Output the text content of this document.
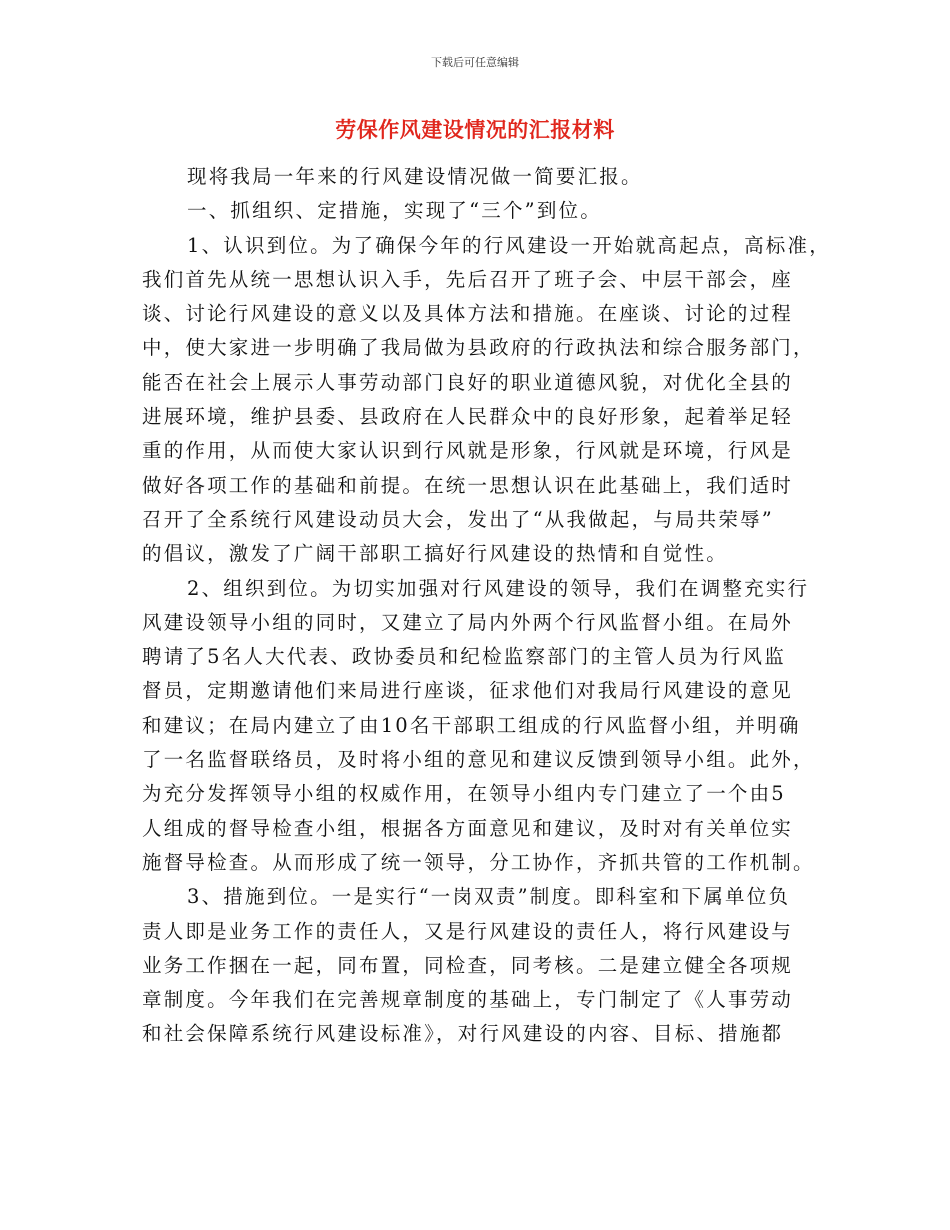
下载后可任意编辑
劳保作风建设情况的汇报材料
现将我局一年来的行风建设情况做一简要汇报。
一、抓组织、定措施，实现了“三个”到位。
1、认识到位。为了确保今年的行风建设一开始就高起点，高标准，
我们首先从统一思想认识入手，先后召开了班子会、中层干部会，座
谈、讨论行风建设的意义以及具体方法和措施。在座谈、讨论的过程
中，使大家进一步明确了我局做为县政府的行政执法和综合服务部门，
能否在社会上展示人事劳动部门良好的职业道德风貌，对优化全县的
进展环境，维护县委、县政府在人民群众中的良好形象，起着举足轻
重的作用，从而使大家认识到行风就是形象，行风就是环境，行风是
做好各项工作的基础和前提。在统一思想认识在此基础上，我们适时
召开了全系统行风建设动员大会，发出了“从我做起，与局共荣辱”
的倡议，激发了广阔干部职工搞好行风建设的热情和自觉性。
2、组织到位。为切实加强对行风建设的领导，我们在调整充实行
风建设领导小组的同时，又建立了局内外两个行风监督小组。在局外
聘请了5名人大代表、政协委员和纪检监察部门的主管人员为行风监
督员，定期邀请他们来局进行座谈，征求他们对我局行风建设的意见
和建议；在局内建立了由10名干部职工组成的行风监督小组，并明确
了一名监督联络员，及时将小组的意见和建议反馈到领导小组。此外，
为充分发挥领导小组的权威作用，在领导小组内专门建立了一个由5
人组成的督导检查小组，根据各方面意见和建议，及时对有关单位实
施督导检查。从而形成了统一领导，分工协作，齐抓共管的工作机制。
3、措施到位。一是实行“一岗双责”制度。即科室和下属单位负
责人即是业务工作的责任人，又是行风建设的责任人，将行风建设与
业务工作捆在一起，同布置，同检查，同考核。二是建立健全各项规
章制度。今年我们在完善规章制度的基础上，专门制定了《人事劳动
和社会保障系统行风建设标准》，对行风建设的内容、目标、措施都
